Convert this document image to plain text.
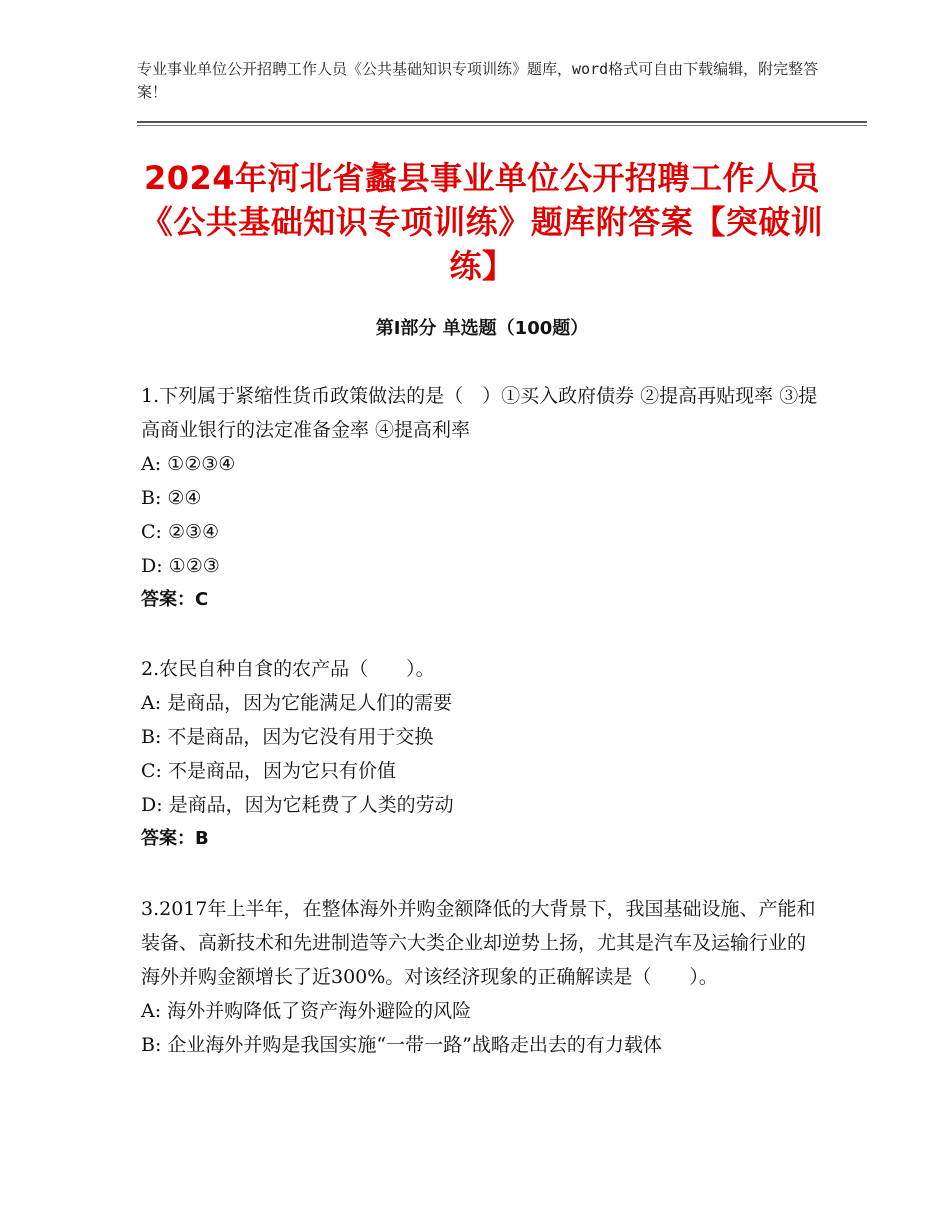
专业事业单位公开招聘工作人员《公共基础知识专项训练》题库，word格式可自由下载编辑，附完整答案！
2024年河北省蠡县事业单位公开招聘工作人员《公共基础知识专项训练》题库附答案【突破训练】
第I部分 单选题（100题）
1.下列属于紧缩性货币政策做法的是（　）①买入政府债券 ②提高再贴现率 ③提高商业银行的法定准备金率 ④提高利率
A: ①②③④
B: ②④
C: ②③④
D: ①②③
答案：C
2.农民自种自食的农产品（　　）。
A: 是商品，因为它能满足人们的需要
B: 不是商品，因为它没有用于交换
C: 不是商品，因为它只有价值
D: 是商品，因为它耗费了人类的劳动
答案：B
3.2017年上半年，在整体海外并购金额降低的大背景下，我国基础设施、产能和装备、高新技术和先进制造等六大类企业却逆势上扬，尤其是汽车及运输行业的海外并购金额增长了近300%。对该经济现象的正确解读是（　　）。
A: 海外并购降低了资产海外避险的风险
B: 企业海外并购是我国实施“一带一路”战略走出去的有力载体
